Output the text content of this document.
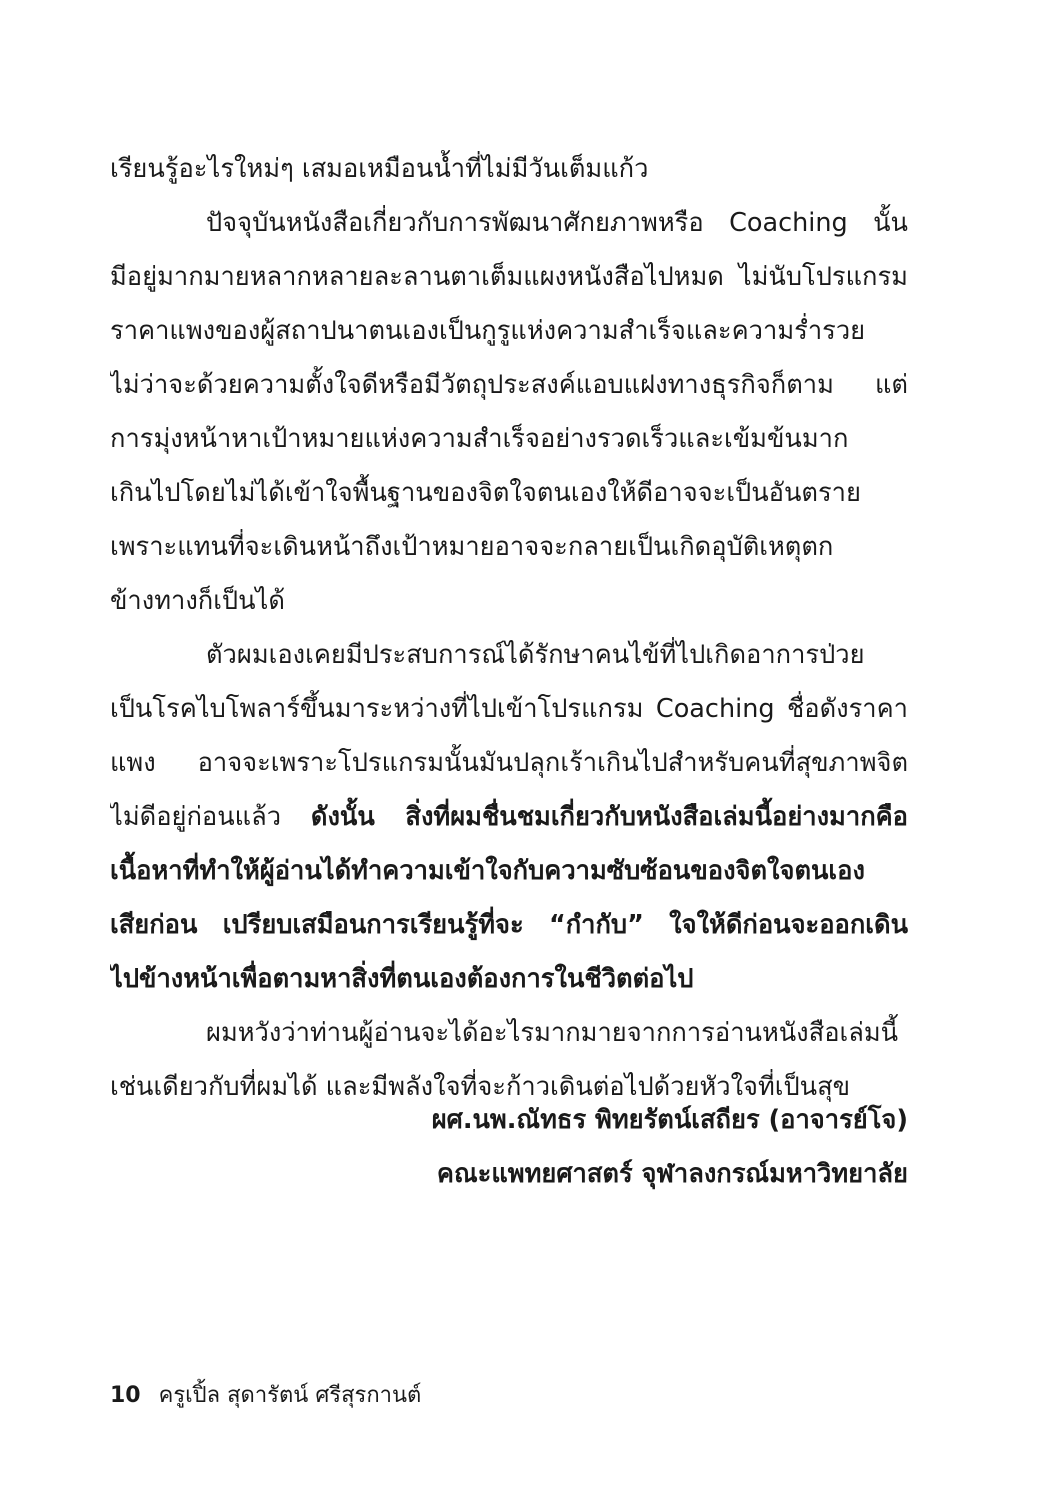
เรียนรู้อะไรใหม่ๆ เสมอเหมือนน้ำที่ไม่มีวันเต็มแก้ว
ปัจจุบันหนังสือเกี่ยวกับการพัฒนาศักยภาพหรือ Coaching นั้น
มีอยู่มากมายหลากหลายละลานตาเต็มแผงหนังสือไปหมด ไม่นับโปรแกรม
ราคาแพงของผู้สถาปนาตนเองเป็นกูรูแห่งความสำเร็จและความร่ำรวย
ไม่ว่าจะด้วยความตั้งใจดีหรือมีวัตถุประสงค์แอบแฝงทางธุรกิจก็ตาม แต่
การมุ่งหน้าหาเป้าหมายแห่งความสำเร็จอย่างรวดเร็วและเข้มข้นมาก
เกินไปโดยไม่ได้เข้าใจพื้นฐานของจิตใจตนเองให้ดีอาจจะเป็นอันตราย
เพราะแทนที่จะเดินหน้าถึงเป้าหมายอาจจะกลายเป็นเกิดอุบัติเหตุตก
ข้างทางก็เป็นได้
ตัวผมเองเคยมีประสบการณ์ได้รักษาคนไข้ที่ไปเกิดอาการป่วย
เป็นโรคไบโพลาร์ขึ้นมาระหว่างที่ไปเข้าโปรแกรม Coaching ชื่อดังราคา
แพง อาจจะเพราะโปรแกรมนั้นมันปลุกเร้าเกินไปสำหรับคนที่สุขภาพจิต
ไม่ดีอยู่ก่อนแล้ว ดังนั้น สิ่งที่ผมชื่นชมเกี่ยวกับหนังสือเล่มนี้อย่างมากคือ
เนื้อหาที่ทำให้ผู้อ่านได้ทำความเข้าใจกับความซับซ้อนของจิตใจตนเอง
เสียก่อน เปรียบเสมือนการเรียนรู้ที่จะ “กำกับ” ใจให้ดีก่อนจะออกเดิน
ไปข้างหน้าเพื่อตามหาสิ่งที่ตนเองต้องการในชีวิตต่อไป
ผมหวังว่าท่านผู้อ่านจะได้อะไรมากมายจากการอ่านหนังสือเล่มนี้
เช่นเดียวกับที่ผมได้ และมีพลังใจที่จะก้าวเดินต่อไปด้วยหัวใจที่เป็นสุข
ผศ.นพ.ณัทธร พิทยรัตน์เสถียร (อาจารย์โจ)
คณะแพทยศาสตร์ จุฬาลงกรณ์มหาวิทยาลัย
10 ครูเปิ้ล สุดารัตน์ ศรีสุรกานต์
